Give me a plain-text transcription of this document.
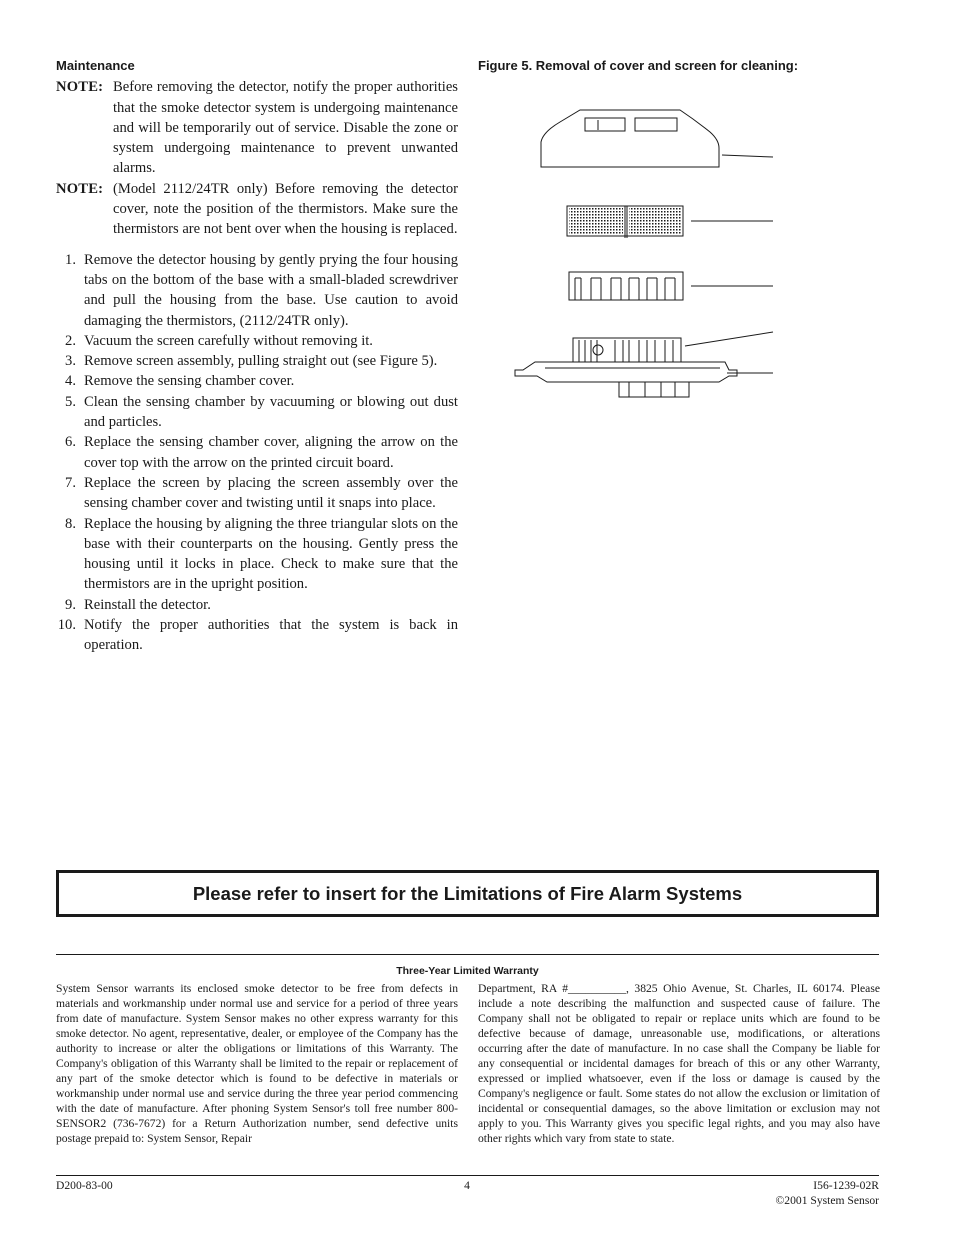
Maintenance
NOTE: Before removing the detector, notify the proper authorities that the smoke detector system is undergoing maintenance and will be temporarily out of service. Disable the zone or system undergoing maintenance to prevent unwanted alarms.
NOTE: (Model 2112/24TR only) Before removing the detector cover, note the position of the thermistors. Make sure the thermistors are not bent over when the housing is replaced.
1. Remove the detector housing by gently prying the four housing tabs on the bottom of the base with a small-bladed screwdriver and pull the housing from the base. Use caution to avoid damaging the thermistors, (2112/24TR only).
2. Vacuum the screen carefully without removing it.
3. Remove screen assembly, pulling straight out (see Figure 5).
4. Remove the sensing chamber cover.
5. Clean the sensing chamber by vacuuming or blowing out dust and particles.
6. Replace the sensing chamber cover, aligning the arrow on the cover top with the arrow on the printed circuit board.
7. Replace the screen by placing the screen assembly over the sensing chamber cover and twisting until it snaps into place.
8. Replace the housing by aligning the three triangular slots on the base with their counterparts on the housing. Gently press the housing until it locks in place. Check to make sure that the thermistors are in the upright position.
9. Reinstall the detector.
10. Notify the proper authorities that the system is back in operation.
Figure 5. Removal of cover and screen for cleaning:
Please refer to insert for the Limitations of Fire Alarm Systems
Three-Year Limited Warranty
System Sensor warrants its enclosed smoke detector to be free from defects in materials and workmanship under normal use and service for a period of three years from date of manufacture. System Sensor makes no other express warranty for this smoke detector. No agent, representative, dealer, or employee of the Company has the authority to increase or alter the obligations or limitations of this Warranty. The Company's obligation of this Warranty shall be limited to the repair or replacement of any part of the smoke detector which is found to be defective in materials or workmanship under normal use and service during the three year period commencing with the date of manufacture. After phoning System Sensor's toll free number 800-SENSOR2 (736-7672) for a Return Authorization number, send defective units postage prepaid to: System Sensor, Repair
Department, RA #__________, 3825 Ohio Avenue, St. Charles, IL 60174. Please include a note describing the malfunction and suspected cause of failure. The Company shall not be obligated to repair or replace units which are found to be defective because of damage, unreasonable use, modifications, or alterations occurring after the date of manufacture. In no case shall the Company be liable for any consequential or incidental damages for breach of this or any other Warranty, expressed or implied whatsoever, even if the loss or damage is caused by the Company's negligence or fault. Some states do not allow the exclusion or limitation of incidental or consequential damages, so the above limitation or exclusion may not apply to you. This Warranty gives you specific legal rights, and you may also have other rights which vary from state to state.
D200-83-00	4	I56-1239-02R
©2001 System Sensor
